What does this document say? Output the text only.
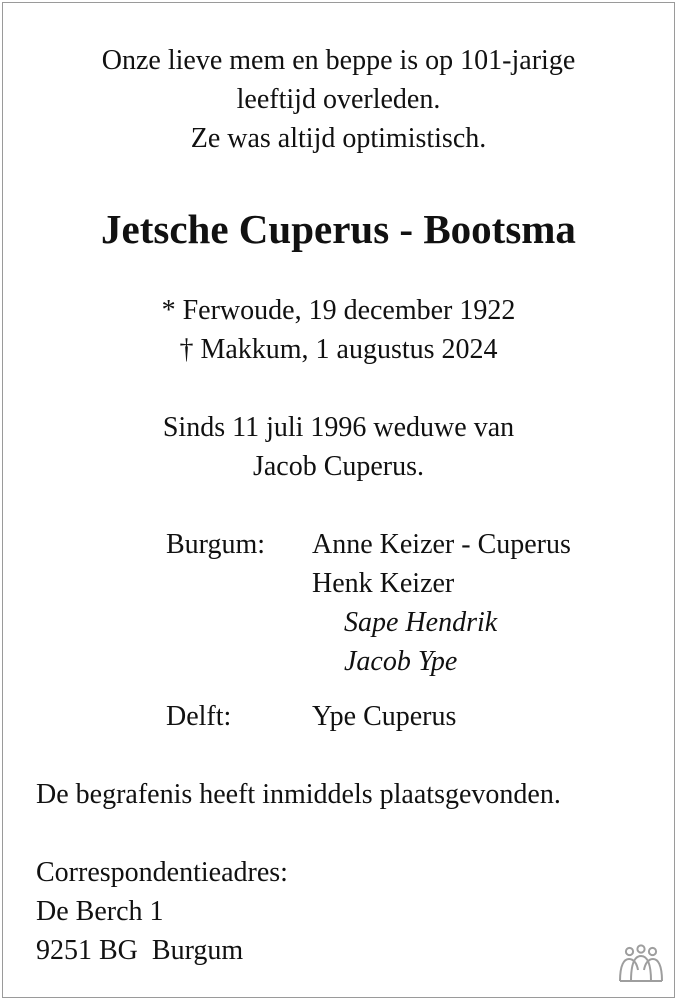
Onze lieve mem en beppe is op 101-jarige

leeftijd overleden.

Ze was altijd optimistisch.

Jetsche Cuperus - Bootsma

* Ferwoude, 19 december 1922

† Makkum, 1 augustus 2024

Sinds 11 juli 1996 weduwe van

Jacob Cuperus.

Burgum: Anne Keizer - Cuperus

Henk Keizer

Sape Hendrik

Jacob Ype

Delft:	Ype Cuperus

De begrafenis heeft inmiddels plaatsgevonden.

Correspondentieadres:

De Berch 1

9251 BG  Burgum
